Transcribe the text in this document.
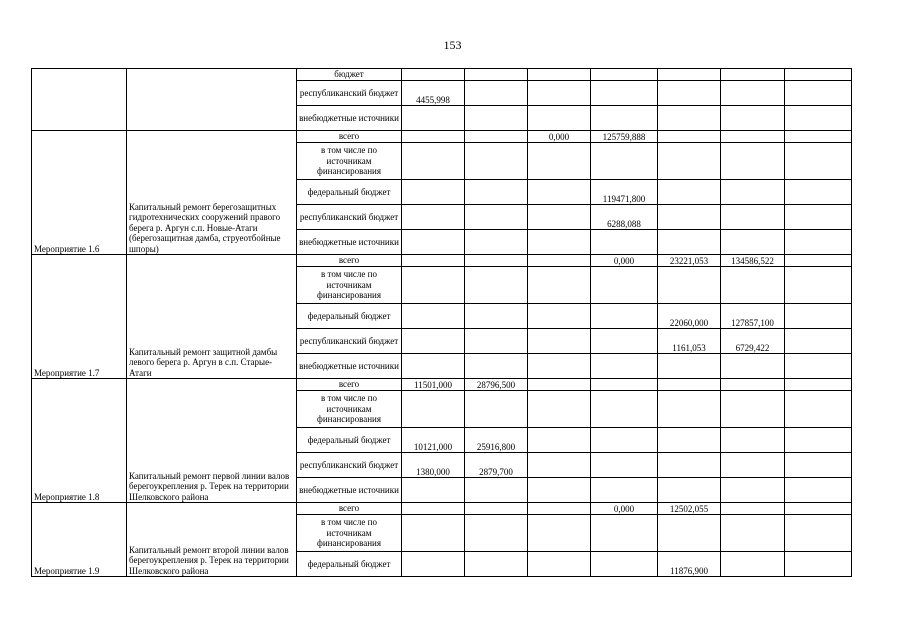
153
		бюджет							
		республиканский бюджет	4455,998						
		внебюджетные источники							
Мероприятие 1.6	Капитальный ремонт берегозащитных гидротехнических сооружений правого берега р. Аргун с.п. Новые-Атаги (берегозащитная дамба, струеотбойные шпоры)	всего			0,000	125759,888			
		в том числе по источникам финансирования							
		федеральный бюджет				119471,800			
		республиканский бюджет				6288,088			
		внебюджетные источники							
Мероприятие 1.7	Капитальный ремонт защитной дамбы левого берега р. Аргун в с.п. Старые-Атаги	всего				0,000	23221,053	134586,522	
		в том числе по источникам финансирования							
		федеральный бюджет					22060,000	127857,100	
		республиканский бюджет					1161,053	6729,422	
		внебюджетные источники							
Мероприятие 1.8	Капитальный ремонт первой линии валов берегоукрепления р. Терек на территории Шелковского района	всего	11501,000	28796,500					
		в том числе по источникам финансирования							
		федеральный бюджет	10121,000	25916,800					
		республиканский бюджет	1380,000	2879,700					
		внебюджетные источники							
Мероприятие 1.9	Капитальный ремонт второй линии валов берегоукрепления р. Терек на территории Шелковского района	всего				0,000	12502,055		
		в том числе по источникам финансирования							
		федеральный бюджет					11876,900		
